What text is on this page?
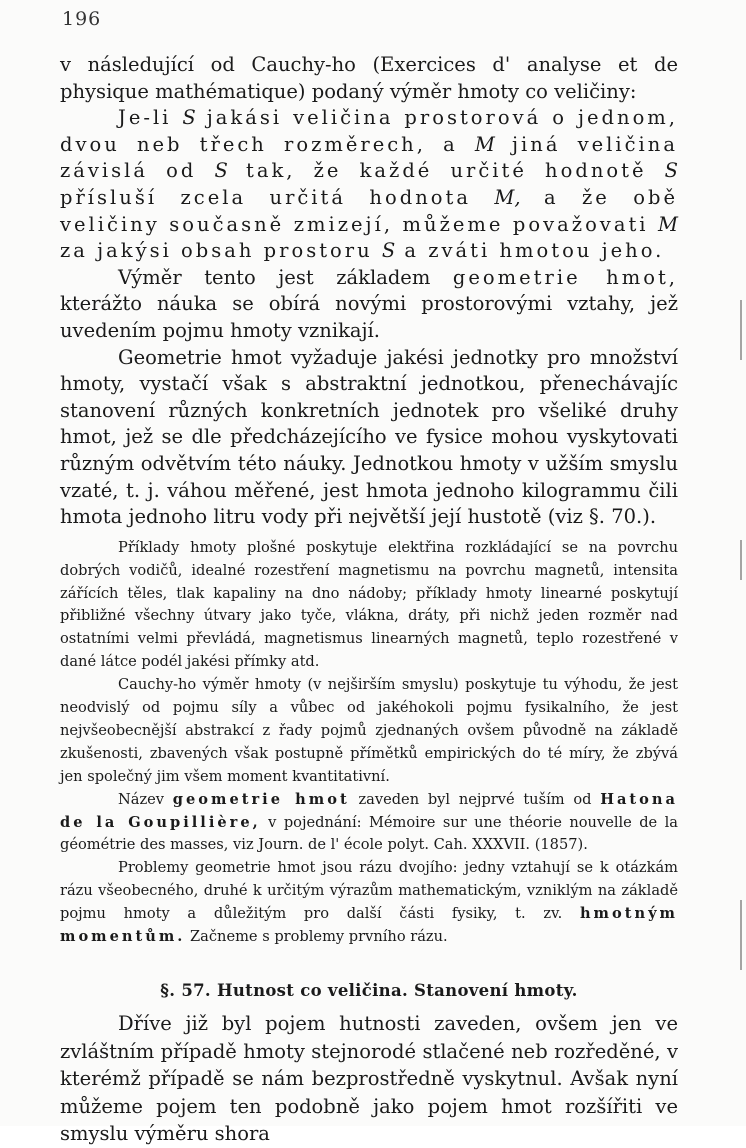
196

v následující od Cauchy-ho (Exercices d' analyse et de physique mathématique) podaný výměr hmoty co veličiny:

Je-li S jakási veličina prostorová o jednom, dvou neb třech rozměrech, a M jiná veličina závislá od S tak, že každé určité hodnotě S přísluší zcela určitá hodnota M, a že obě veličiny současně zmizejí, můžeme považovati M za jakýsi obsah prostoru S a zváti hmotou jeho.

Výměr tento jest základem geometrie hmot, kterážto náuka se obírá novými prostorovými vztahy, jež uvedením pojmu hmoty vznikají.

Geometrie hmot vyžaduje jakési jednotky pro množství hmoty, vystačí však s abstraktní jednotkou, přenechávajíc stanovení různých konkretních jednotek pro všeliké druhy hmot, jež se dle předcházejícího ve fysice mohou vyskytovati různým odvětvím této náuky. Jednotkou hmoty v užším smyslu vzaté, t. j. váhou měřené, jest hmota jednoho kilogrammu čili hmota jednoho litru vody při největší její hustotě (viz §. 70.).

Příklady hmoty plošné poskytuje elektřina rozkládající se na povrchu dobrých vodičů, idealné rozestření magnetismu na povrchu magnetů, intensita zářících těles, tlak kapaliny na dno nádoby; příklady hmoty linearné poskytují přibližné všechny útvary jako tyče, vlákna, dráty, při nichž jeden rozměr nad ostatními velmi převládá, magnetismus linearných magnetů, teplo rozestřené v dané látce podél jakési přímky atd.

Cauchy-ho výměr hmoty (v nejširším smyslu) poskytuje tu výhodu, že jest neodvislý od pojmu síly a vůbec od jakéhokoli pojmu fysikalního, že jest nejvšeobecnější abstrakcí z řady pojmů zjednaných ovšem původně na základě zkušenosti, zbavených však postupně přímětků empirických do té míry, že zbývá jen společný jim všem moment kvantitativní.

Název geometrie hmot zaveden byl nejprvé tuším od Hatona de la Goupillière, v pojednání: Mémoire sur une théorie nouvelle de la géométrie des masses, viz Journ. de l' école polyt. Cah. XXXVII. (1857).

Problemy geometrie hmot jsou rázu dvojího: jedny vztahují se k otázkám rázu všeobecného, druhé k určitým výrazům mathematickým, vzniklým na základě pojmu hmoty a důležitým pro další části fysiky, t. zv. hmotným momentům. Začneme s problemy prvního rázu.

§. 57. Hutnost co veličina. Stanovení hmoty.

Dříve již byl pojem hutnosti zaveden, ovšem jen ve zvláštním případě hmoty stejnorodé stlačené neb rozředěné, v kterémž případě se nám bezprostředně vyskytnul. Avšak nyní můžeme pojem ten podobně jako pojem hmot rozšířiti ve smyslu výměru shora
